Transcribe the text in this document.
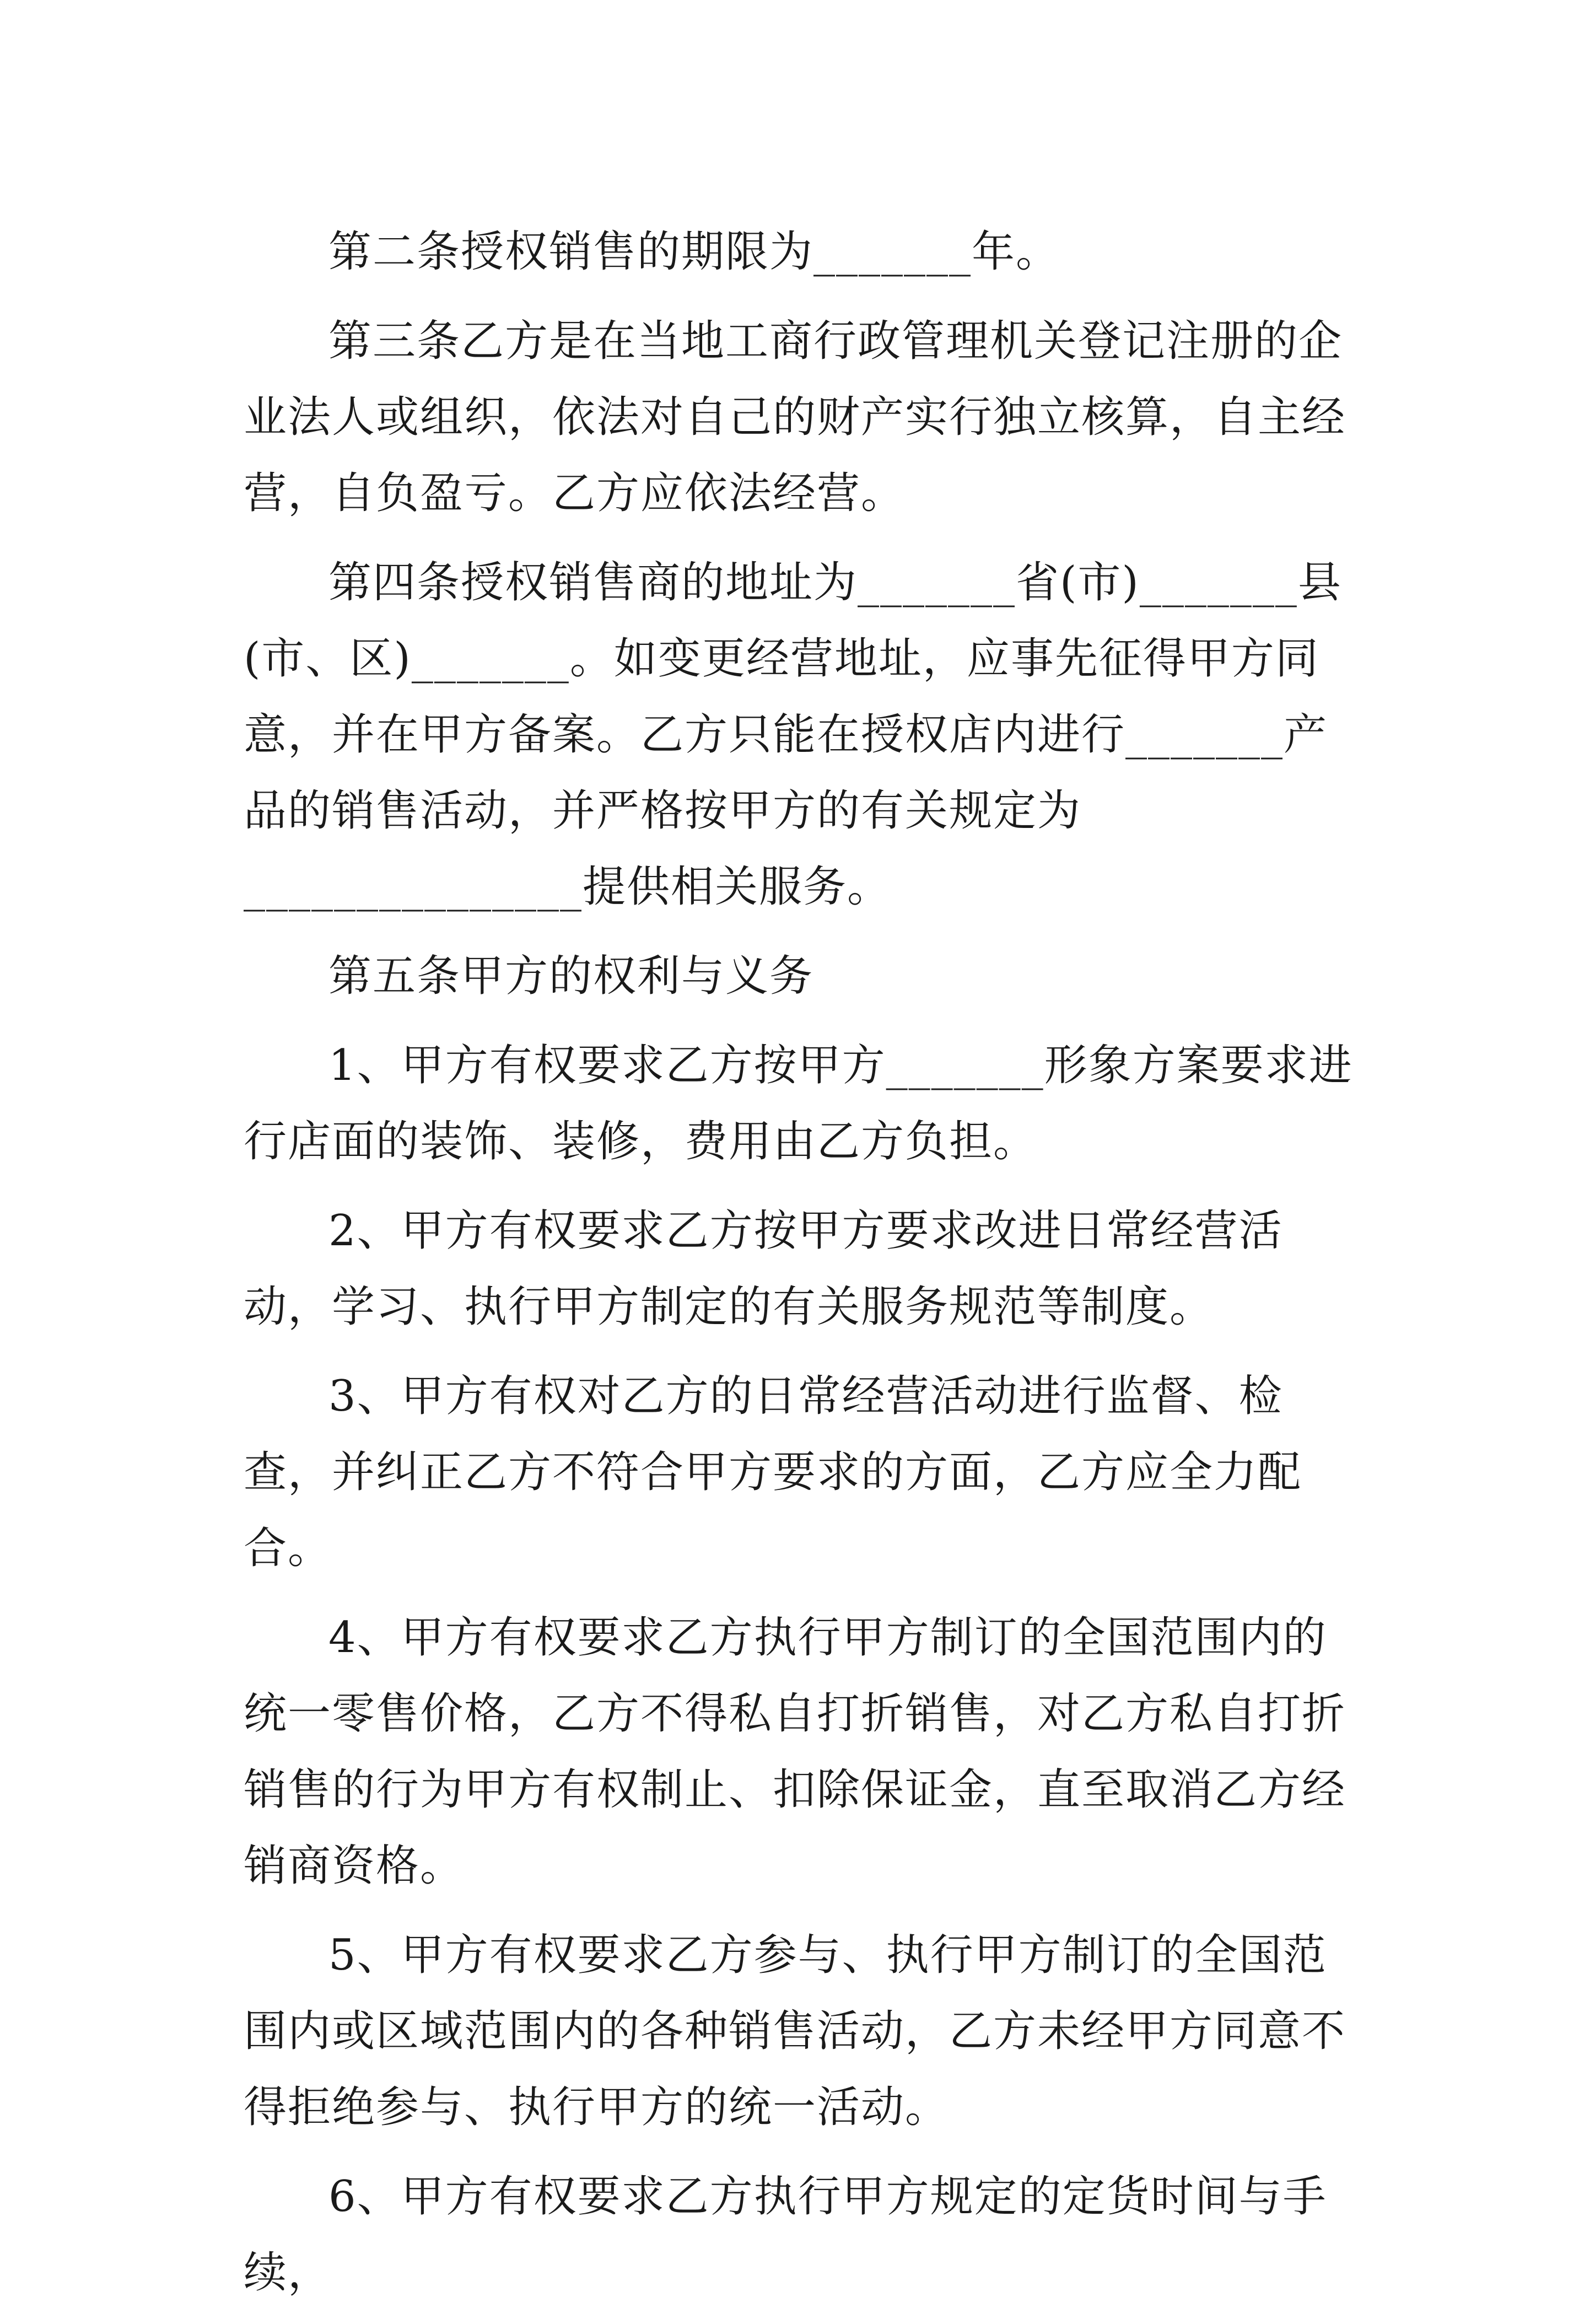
第二条授权销售的期限为_______年。

第三条乙方是在当地工商行政管理机关登记注册的企业法人或组织，依法对自己的财产实行独立核算，自主经营，自负盈亏。乙方应依法经营。

第四条授权销售商的地址为_______省(市)_______县(市、区)_______。如变更经营地址，应事先征得甲方同意，并在甲方备案。乙方只能在授权店内进行_______产品的销售活动，并严格按甲方的有关规定为_______________提供相关服务。

第五条甲方的权利与义务

1、甲方有权要求乙方按甲方_______形象方案要求进行店面的装饰、装修，费用由乙方负担。

2、甲方有权要求乙方按甲方要求改进日常经营活动，学习、执行甲方制定的有关服务规范等制度。

3、甲方有权对乙方的日常经营活动进行监督、检查，并纠正乙方不符合甲方要求的方面，乙方应全力配合。

4、甲方有权要求乙方执行甲方制订的全国范围内的统一零售价格，乙方不得私自打折销售，对乙方私自打折销售的行为甲方有权制止、扣除保证金，直至取消乙方经销商资格。

5、甲方有权要求乙方参与、执行甲方制订的全国范围内或区域范围内的各种销售活动，乙方未经甲方同意不得拒绝参与、执行甲方的统一活动。

6、甲方有权要求乙方执行甲方规定的定货时间与手续，
